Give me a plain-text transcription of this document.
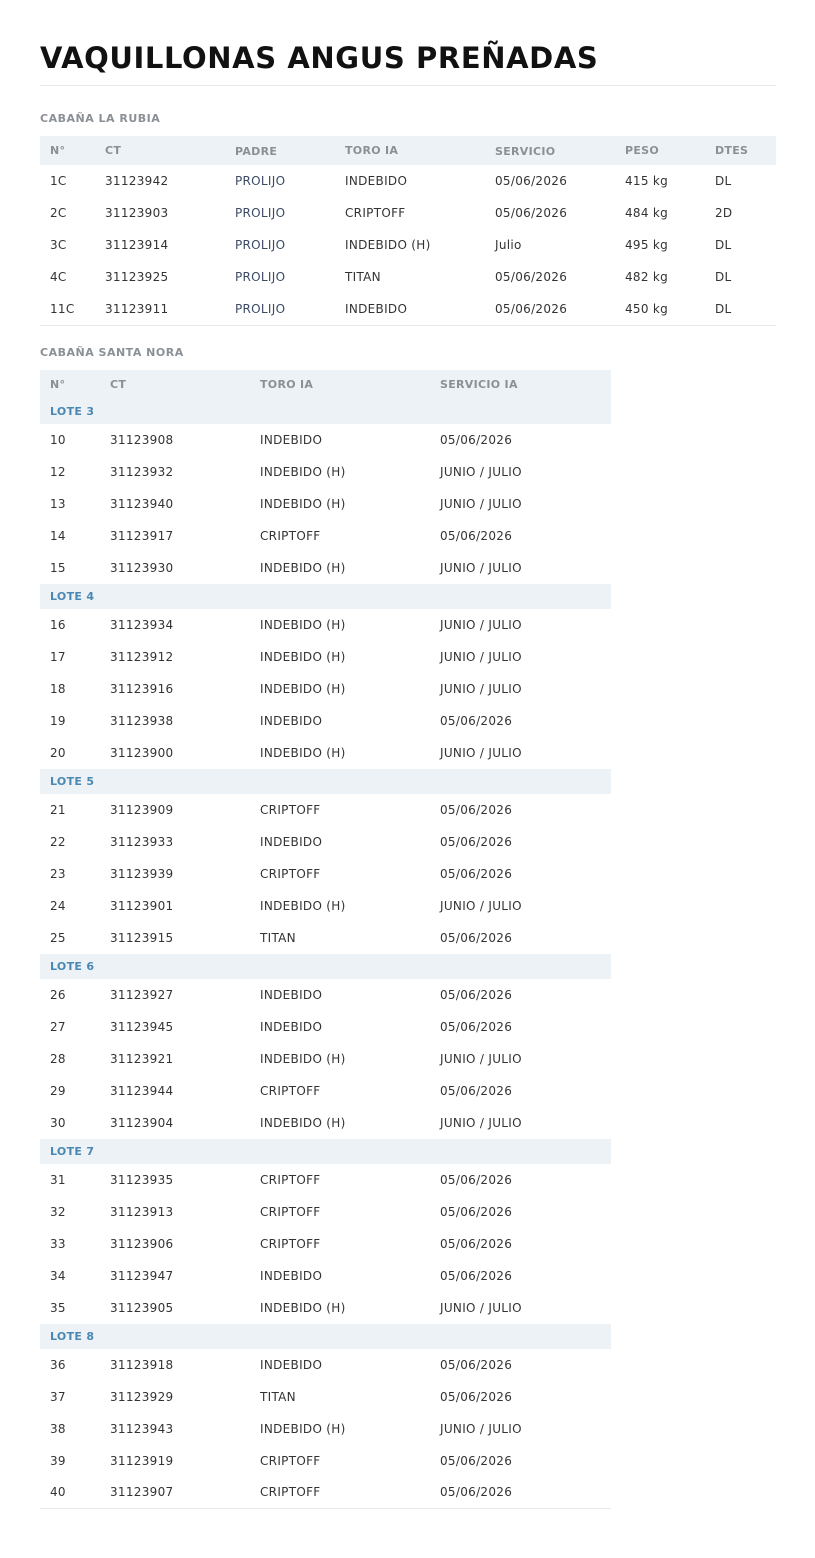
VAQUILLONAS ANGUS PREÑADAS
CABAÑA LA RUBIA
N°	CT	PADRE	TORO IA	SERVICIO	PESO	DTES
1C	31123942	PROLIJO	INDEBIDO	05/06/2026	415 kg	DL
2C	31123903	PROLIJO	CRIPTOFF	05/06/2026	484 kg	2D
3C	31123914	PROLIJO	INDEBIDO (H)	Julio	495 kg	DL
4C	31123925	PROLIJO	TITAN	05/06/2026	482 kg	DL
11C	31123911	PROLIJO	INDEBIDO	05/06/2026	450 kg	DL
CABAÑA SANTA NORA
N°	CT	TORO IA	SERVICIO IA
LOTE 3			
10	31123908	INDEBIDO	05/06/2026
12	31123932	INDEBIDO (H)	JUNIO / JULIO
13	31123940	INDEBIDO (H)	JUNIO / JULIO
14	31123917	CRIPTOFF	05/06/2026
15	31123930	INDEBIDO (H)	JUNIO / JULIO
LOTE 4			
16	31123934	INDEBIDO (H)	JUNIO / JULIO
17	31123912	INDEBIDO (H)	JUNIO / JULIO
18	31123916	INDEBIDO (H)	JUNIO / JULIO
19	31123938	INDEBIDO	05/06/2026
20	31123900	INDEBIDO (H)	JUNIO / JULIO
LOTE 5			
21	31123909	CRIPTOFF	05/06/2026
22	31123933	INDEBIDO	05/06/2026
23	31123939	CRIPTOFF	05/06/2026
24	31123901	INDEBIDO (H)	JUNIO / JULIO
25	31123915	TITAN	05/06/2026
LOTE 6			
26	31123927	INDEBIDO	05/06/2026
27	31123945	INDEBIDO	05/06/2026
28	31123921	INDEBIDO (H)	JUNIO / JULIO
29	31123944	CRIPTOFF	05/06/2026
30	31123904	INDEBIDO (H)	JUNIO / JULIO
LOTE 7			
31	31123935	CRIPTOFF	05/06/2026
32	31123913	CRIPTOFF	05/06/2026
33	31123906	CRIPTOFF	05/06/2026
34	31123947	INDEBIDO	05/06/2026
35	31123905	INDEBIDO (H)	JUNIO / JULIO
LOTE 8			
36	31123918	INDEBIDO	05/06/2026
37	31123929	TITAN	05/06/2026
38	31123943	INDEBIDO (H)	JUNIO / JULIO
39	31123919	CRIPTOFF	05/06/2026
40	31123907	CRIPTOFF	05/06/2026
